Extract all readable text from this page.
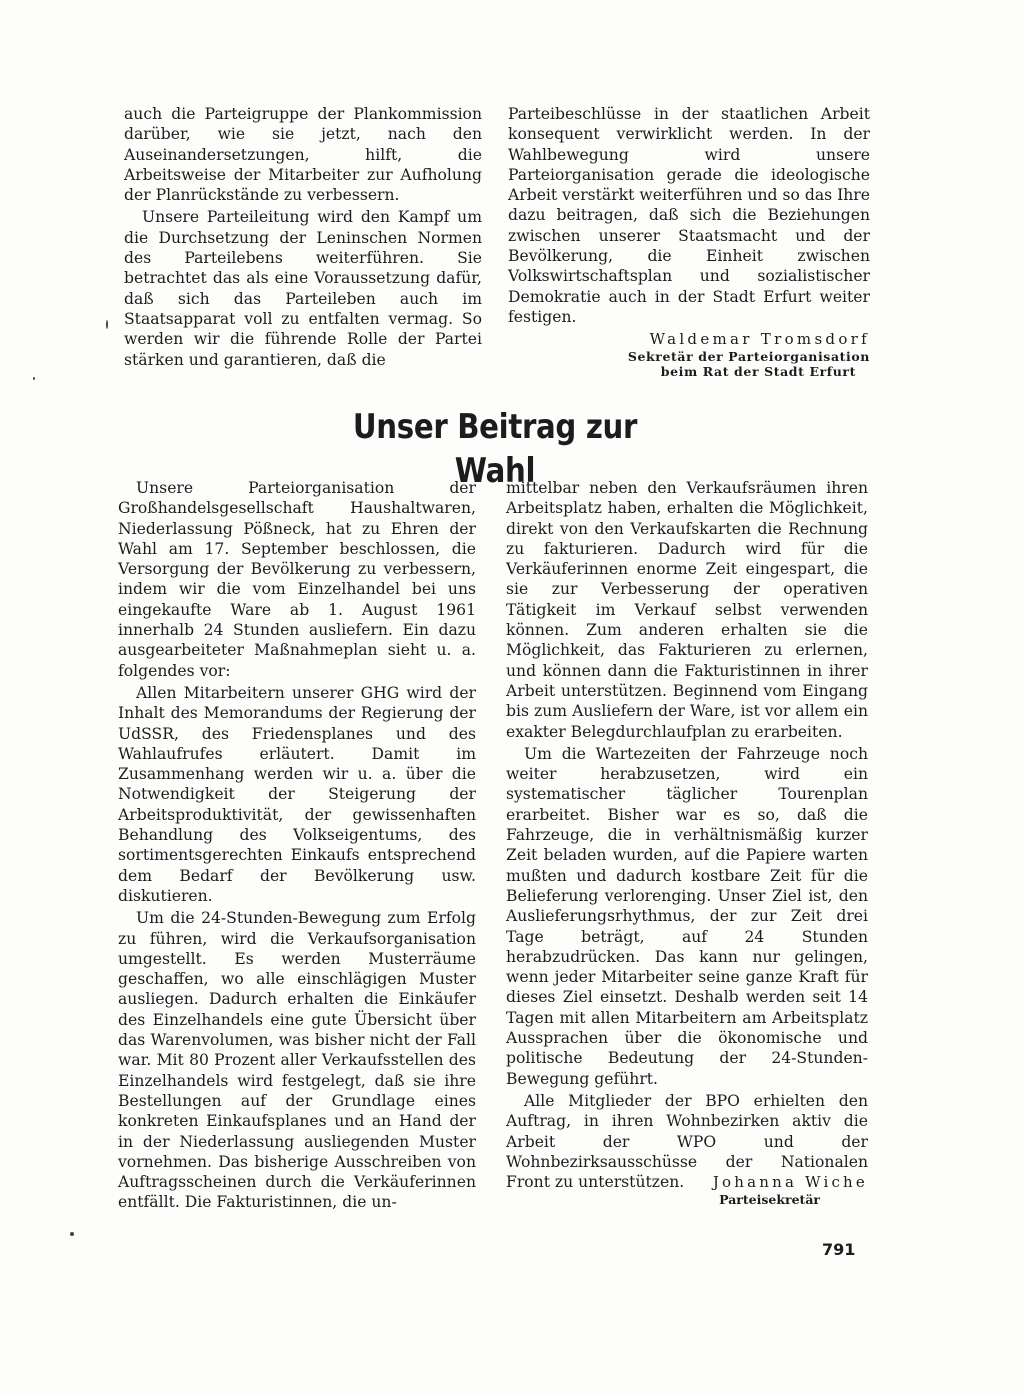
auch die Parteigruppe der Plankommission darüber, wie sie jetzt, nach den Auseinandersetzungen, hilft, die Arbeitsweise der Mitarbeiter zur Aufholung der Planrückstände zu verbessern.

Unsere Parteileitung wird den Kampf um die Durchsetzung der Leninschen Normen des Parteilebens weiterführen. Sie betrachtet das als eine Voraussetzung dafür, daß sich das Parteileben auch im Staatsapparat voll zu entfalten vermag. So werden wir die führende Rolle der Partei stärken und garantieren, daß die

Parteibeschlüsse in der staatlichen Arbeit konsequent verwirklicht werden. In der Wahlbewegung wird unsere Parteiorganisation gerade die ideologische Arbeit verstärkt weiterführen und so das Ihre dazu beitragen, daß sich die Beziehungen zwischen unserer Staatsmacht und der Bevölkerung, die Einheit zwischen Volkswirtschaftsplan und sozialistischer Demokratie auch in der Stadt Erfurt weiter festigen.

Waldemar Tromsdorf
Sekretär der Parteiorganisation
beim Rat der Stadt Erfurt
Unser Beitrag zur Wahl

Unsere Parteiorganisation der Großhandelsgesellschaft Haushaltwaren, Niederlassung Pößneck, hat zu Ehren der Wahl am 17. September beschlossen, die Versorgung der Bevölkerung zu verbessern, indem wir die vom Einzelhandel bei uns eingekaufte Ware ab 1. August 1961 innerhalb 24 Stunden ausliefern. Ein dazu ausgearbeiteter Maßnahmeplan sieht u. a. folgendes vor:

Allen Mitarbeitern unserer GHG wird der Inhalt des Memorandums der Regierung der UdSSR, des Friedensplanes und des Wahlaufrufes erläutert. Damit im Zusammenhang werden wir u. a. über die Notwendigkeit der Steigerung der Arbeitsproduktivität, der gewissenhaften Behandlung des Volkseigentums, des sortimentsgerechten Einkaufs entsprechend dem Bedarf der Bevölkerung usw. diskutieren.

Um die 24-Stunden-Bewegung zum Erfolg zu führen, wird die Verkaufsorganisation umgestellt. Es werden Musterräume geschaffen, wo alle einschlägigen Muster ausliegen. Dadurch erhalten die Einkäufer des Einzelhandels eine gute Übersicht über das Warenvolumen, was bisher nicht der Fall war. Mit 80 Prozent aller Verkaufsstellen des Einzelhandels wird festgelegt, daß sie ihre Bestellungen auf der Grundlage eines konkreten Einkaufsplanes und an Hand der in der Niederlassung ausliegenden Muster vornehmen. Das bisherige Ausschreiben von Auftragsscheinen durch die Verkäuferinnen entfällt. Die Fakturistinnen, die un-

mittelbar neben den Verkaufsräumen ihren Arbeitsplatz haben, erhalten die Möglichkeit, direkt von den Verkaufskarten die Rechnung zu fakturieren. Dadurch wird für die Verkäuferinnen enorme Zeit eingespart, die sie zur Verbesserung der operativen Tätigkeit im Verkauf selbst verwenden können. Zum anderen erhalten sie die Möglichkeit, das Fakturieren zu erlernen, und können dann die Fakturistinnen in ihrer Arbeit unterstützen. Beginnend vom Eingang bis zum Ausliefern der Ware, ist vor allem ein exakter Belegdurchlaufplan zu erarbeiten.

Um die Wartezeiten der Fahrzeuge noch weiter herabzusetzen, wird ein systematischer täglicher Tourenplan erarbeitet. Bisher war es so, daß die Fahrzeuge, die in verhältnismäßig kurzer Zeit beladen wurden, auf die Papiere warten mußten und dadurch kostbare Zeit für die Belieferung verlorenging. Unser Ziel ist, den Auslieferungsrhythmus, der zur Zeit drei Tage beträgt, auf 24 Stunden herabzudrücken. Das kann nur gelingen, wenn jeder Mitarbeiter seine ganze Kraft für dieses Ziel einsetzt. Deshalb werden seit 14 Tagen mit allen Mitarbeitern am Arbeitsplatz Aussprachen über die ökonomische und politische Bedeutung der 24-Stunden-Bewegung geführt.

Alle Mitglieder der BPO erhielten den Auftrag, in ihren Wohnbezirken aktiv die Arbeit der WPO und der Wohnbezirksausschüsse der Nationalen Front zu unterstützen.	Johanna Wiche
Parteisekretär
791
